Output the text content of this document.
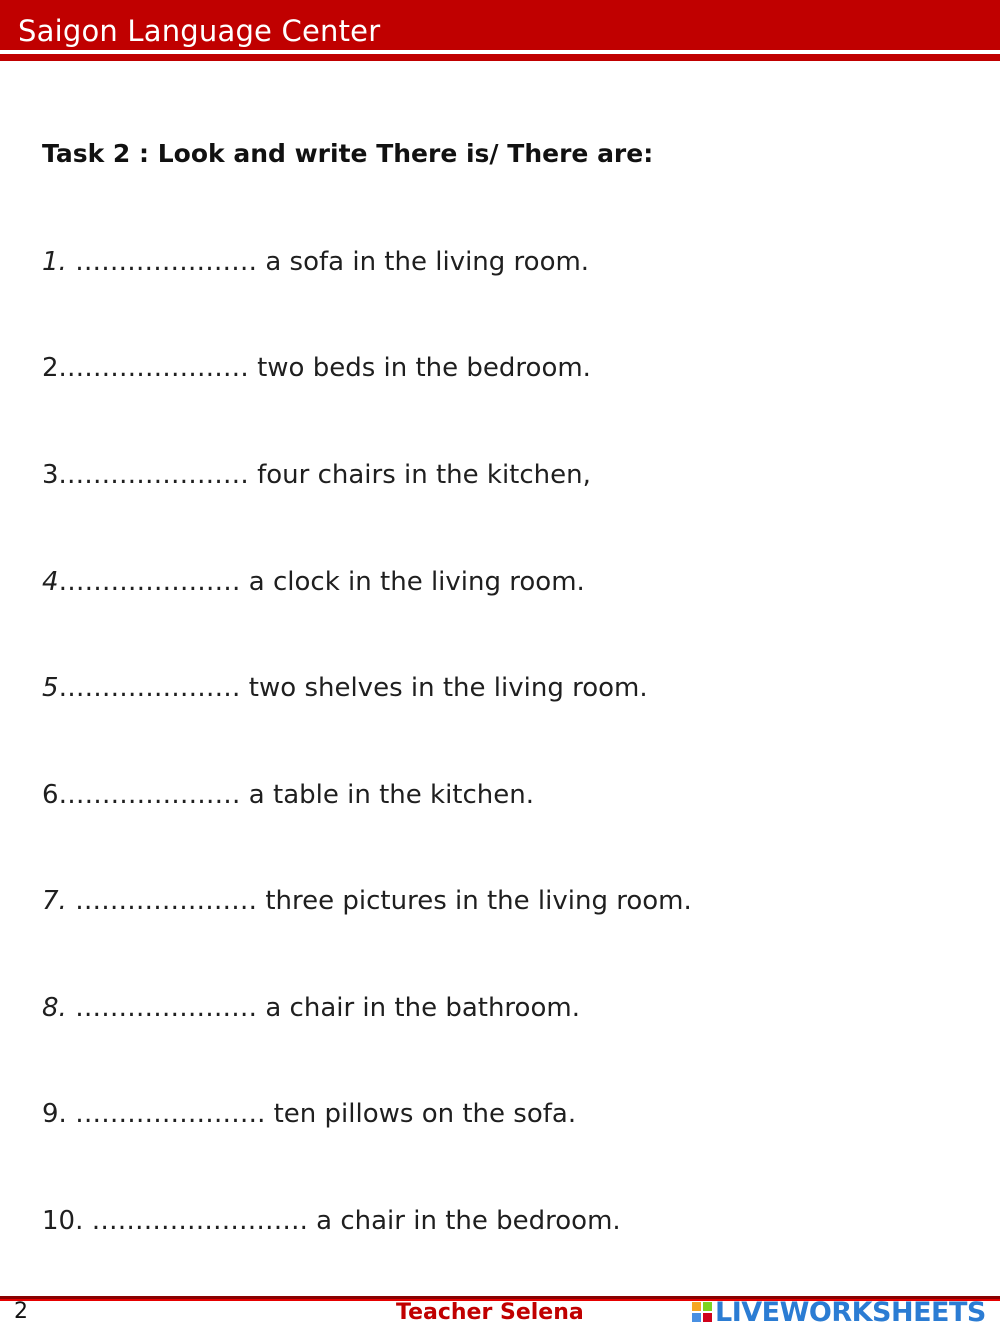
Saigon Language Center
Task 2 : Look and write There is/ There are:
1. ………………… a sofa in the living room.
2.………………… two beds in the bedroom.
3.………………… four chairs in the kitchen,
4………………… a clock in the living room.
5………………… two shelves in the living room.
6………………… a table in the kitchen.
7. ………………… three pictures in the living room.
8. ………………… a chair in the bathroom.
9. …………………. ten pillows on the sofa.
10. ……………………. a chair in the bedroom.
2	Teacher Selena	LIVEWORKSHEETS
